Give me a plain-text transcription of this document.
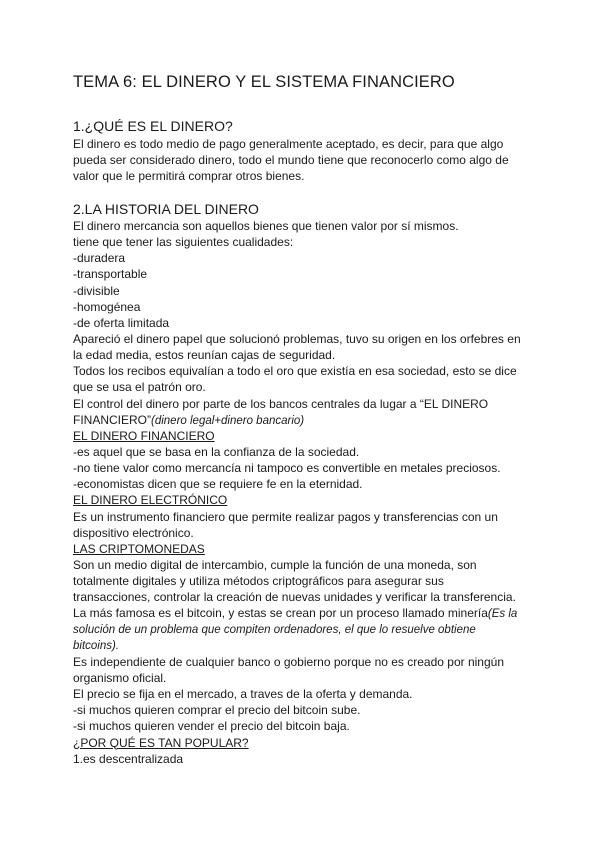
TEMA 6: EL DINERO Y EL SISTEMA FINANCIERO
1.¿QUÉ ES EL DINERO?
El dinero es todo medio de pago generalmente aceptado, es decir, para que algo
pueda ser considerado dinero, todo el mundo tiene que reconocerlo como algo de
valor que le permitirá comprar otros bienes.
2.LA HISTORIA DEL DINERO
El dinero mercancia son aquellos bienes que tienen valor por sí mismos.
tiene que tener las siguientes cualidades:
-duradera
-transportable
-divisible
-homogénea
-de oferta limitada
Apareció el dinero papel que solucionó problemas, tuvo su origen en los orfebres en
la edad media, estos reunían cajas de seguridad.
Todos los recibos equivalían a todo el oro que existía en esa sociedad, esto se dice
que se usa el patrón oro.
El control del dinero por parte de los bancos centrales da lugar a “EL DINERO
FINANCIERO”(dinero legal+dinero bancario)
EL DINERO FINANCIERO
-es aquel que se basa en la confianza de la sociedad.
-no tiene valor como mercancía ni tampoco es convertible en metales preciosos.
-economistas dicen que se requiere fe en la eternidad.
EL DINERO ELECTRÓNICO
Es un instrumento financiero que permite realizar pagos y transferencias con un
dispositivo electrónico.
LAS CRIPTOMONEDAS
Son un medio digital de intercambio, cumple la función de una moneda, son
totalmente digitales y utiliza métodos criptográficos para asegurar sus
transacciones, controlar la creación de nuevas unidades y verificar la transferencia.
La más famosa es el bitcoin, y estas se crean por un proceso llamado minería(Es la
solución de un problema que compiten ordenadores, el que lo resuelve obtiene
bitcoins).
Es independiente de cualquier banco o gobierno porque no es creado por ningún
organismo oficial.
El precio se fija en el mercado, a traves de la oferta y demanda.
-si muchos quieren comprar el precio del bitcoin sube.
-si muchos quieren vender el precio del bitcoin baja.
¿POR QUÉ ES TAN POPULAR?
1.es descentralizada
